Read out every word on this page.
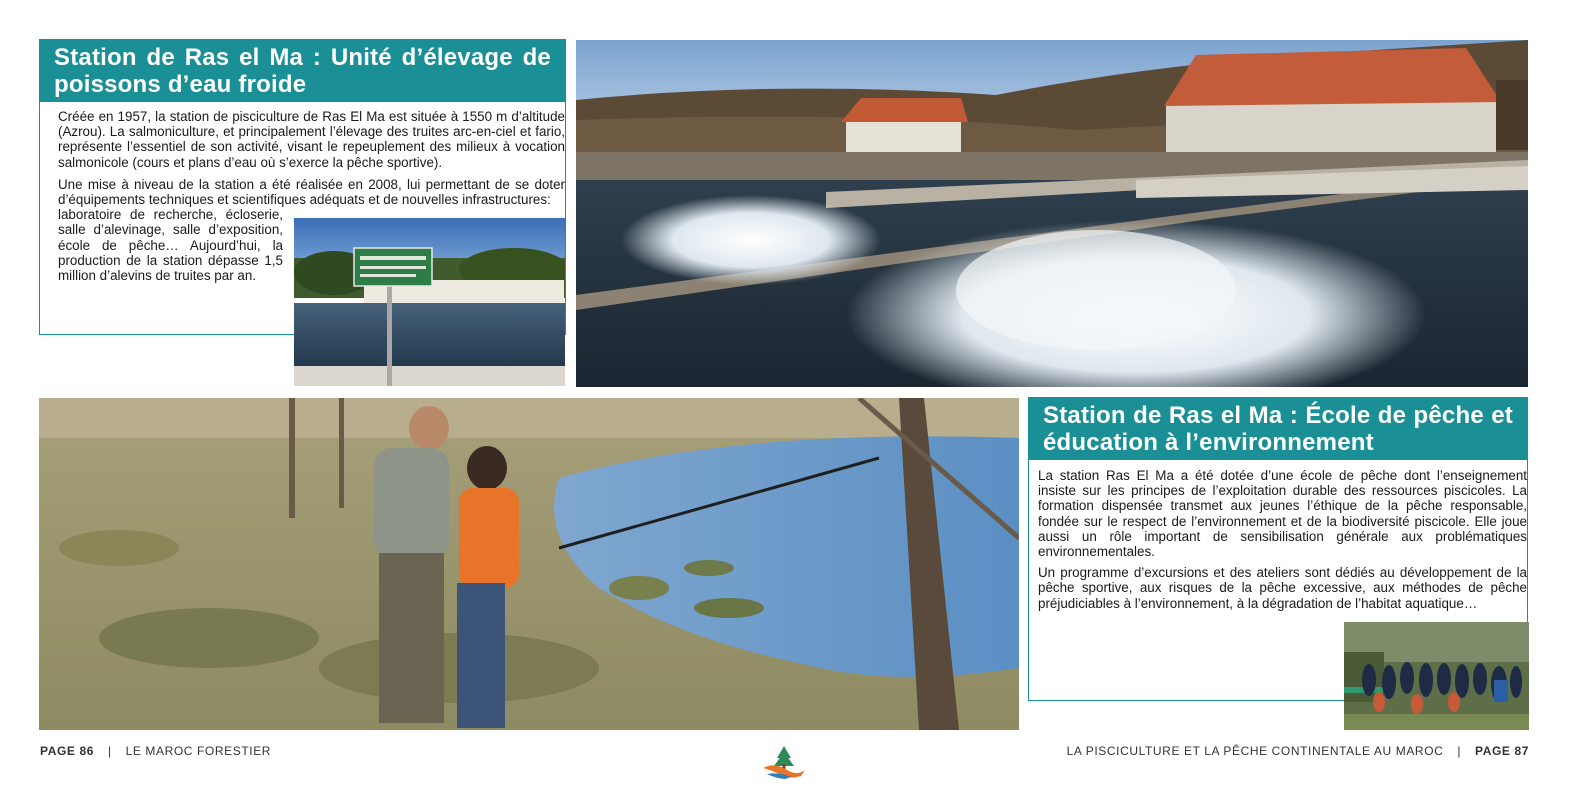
Station de Ras el Ma : Unité d’élevage de poissons d’eau froide

Créée en 1957, la station de pisciculture de Ras El Ma est située à 1550 m d’altitude (Azrou). La salmoniculture, et principalement l’élevage des truites arc-en-ciel et fario, représente l’essentiel de son activité, visant le repeuplement des milieux à vocation salmonicole (cours et plans d’eau où s’exerce la pêche sportive).

Une mise à niveau de la station a été réalisée en 2008, lui permettant de se doter d’équipements techniques et scientifiques adéquats et de nouvelles infrastructures:

laboratoire de recherche, écloserie, salle d’alevinage, salle d’exposition, école de pêche… Aujourd’hui, la production de la station dépasse 1,5 million d’alevins de truites par an.

Station de Ras el Ma : École de pêche et éducation à l’environnement

La station Ras El Ma a été dotée d’une école de pêche dont l’enseignement insiste sur les principes de l’exploitation durable des ressources piscicoles. La formation dispensée transmet aux jeunes l’éthique de la pêche responsable, fondée sur le respect de l’environnement et de la biodiversité piscicole. Elle joue aussi un rôle important de sensibilisation générale aux problématiques environnementales.

Un programme d’excursions et des ateliers sont dédiés au développement de la pêche sportive, aux risques de la pêche excessive, aux méthodes de pêche préjudiciables à l’environnement, à la dégradation de l’habitat aquatique…

PAGE 86 | LE MAROC FORESTIER	LA PISCICULTURE ET LA PÊCHE CONTINENTALE AU MAROC | PAGE 87
